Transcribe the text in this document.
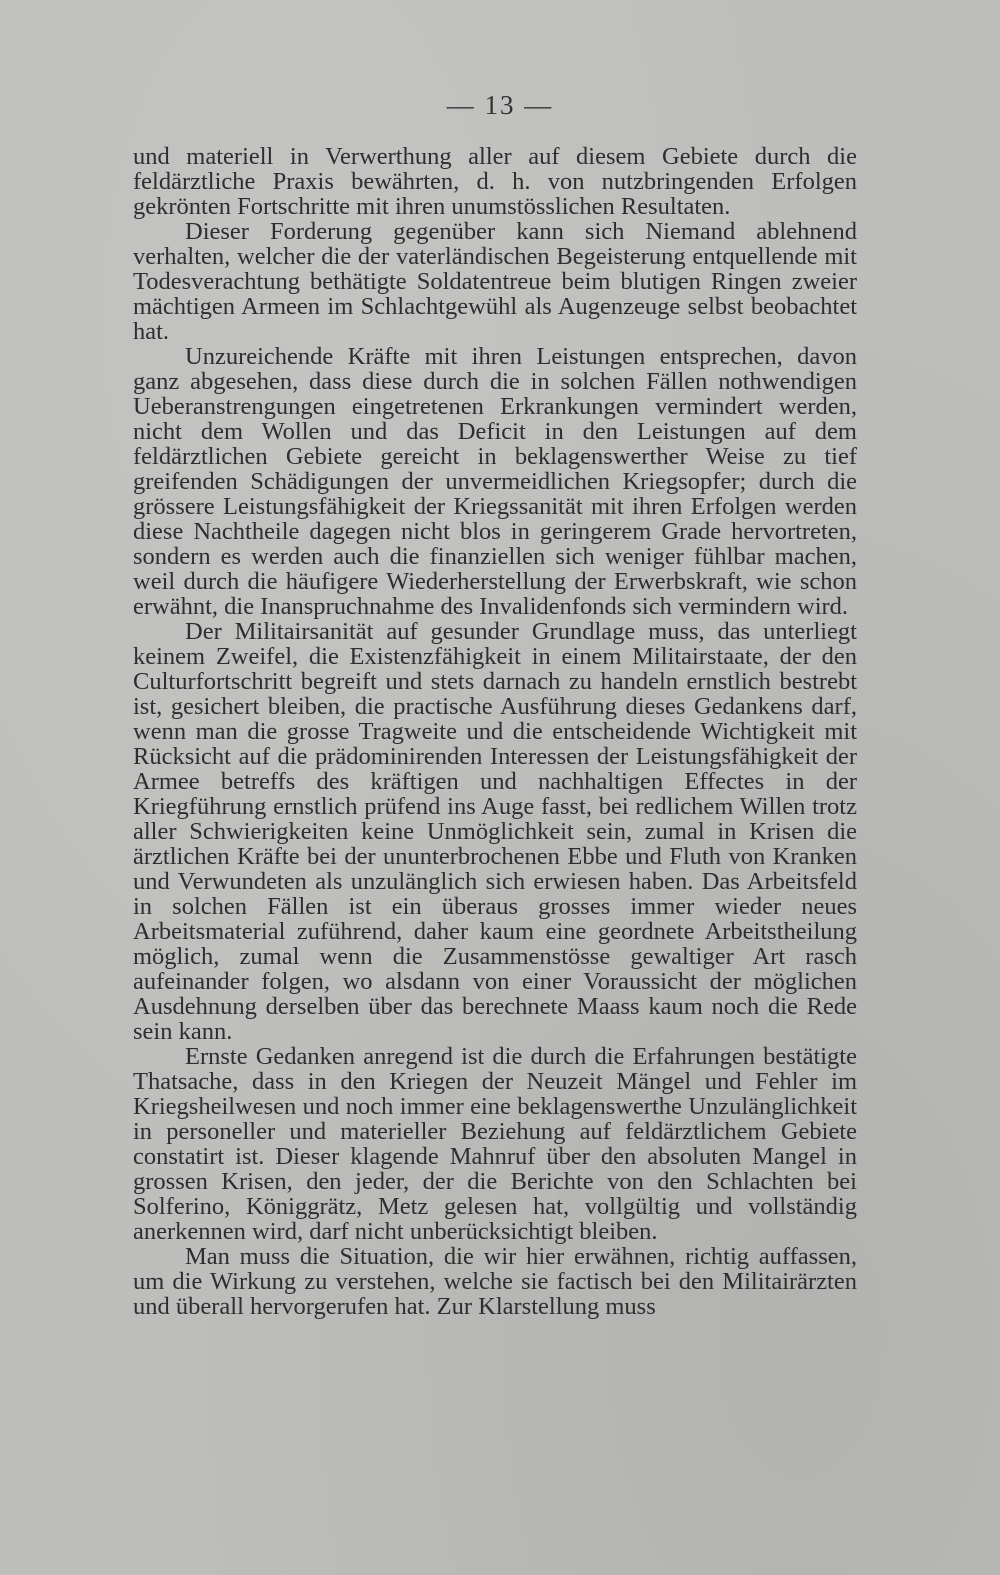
— 13 —

und materiell in Verwerthung aller auf diesem Gebiete durch die feldärztliche Praxis bewährten, d. h. von nutzbringenden Erfolgen gekrönten Fortschritte mit ihren unumstösslichen Resultaten.

Dieser Forderung gegenüber kann sich Niemand ablehnend verhalten, welcher die der vaterländischen Begeisterung entquellende mit Todesverachtung bethätigte Soldatentreue beim blutigen Ringen zweier mächtigen Armeen im Schlachtgewühl als Augenzeuge selbst beobachtet hat.

Unzureichende Kräfte mit ihren Leistungen entsprechen, davon ganz abgesehen, dass diese durch die in solchen Fällen nothwendigen Ueberanstrengungen eingetretenen Erkrankungen vermindert werden, nicht dem Wollen und das Deficit in den Leistungen auf dem feldärztlichen Gebiete gereicht in beklagenswerther Weise zu tief greifenden Schädigungen der unvermeidlichen Kriegsopfer; durch die grössere Leistungsfähigkeit der Kriegssanität mit ihren Erfolgen werden diese Nachtheile dagegen nicht blos in geringerem Grade hervortreten, sondern es werden auch die finanziellen sich weniger fühlbar machen, weil durch die häufigere Wiederherstellung der Erwerbskraft, wie schon erwähnt, die Inanspruchnahme des Invalidenfonds sich vermindern wird.

Der Militairsanität auf gesunder Grundlage muss, das unterliegt keinem Zweifel, die Existenzfähigkeit in einem Militairstaate, der den Culturfortschritt begreift und stets darnach zu handeln ernstlich bestrebt ist, gesichert bleiben, die practische Ausführung dieses Gedankens darf, wenn man die grosse Tragweite und die entscheidende Wichtigkeit mit Rücksicht auf die prädominirenden Interessen der Leistungsfähigkeit der Armee betreffs des kräftigen und nachhaltigen Effectes in der Kriegführung ernstlich prüfend ins Auge fasst, bei redlichem Willen trotz aller Schwierigkeiten keine Unmöglichkeit sein, zumal in Krisen die ärztlichen Kräfte bei der ununterbrochenen Ebbe und Fluth von Kranken und Verwundeten als unzulänglich sich erwiesen haben. Das Arbeitsfeld in solchen Fällen ist ein überaus grosses immer wieder neues Arbeitsmaterial zuführend, daher kaum eine geordnete Arbeitstheilung möglich, zumal wenn die Zusammenstösse gewaltiger Art rasch aufeinander folgen, wo alsdann von einer Voraussicht der möglichen Ausdehnung derselben über das berechnete Maass kaum noch die Rede sein kann.

Ernste Gedanken anregend ist die durch die Erfahrungen bestätigte Thatsache, dass in den Kriegen der Neuzeit Mängel und Fehler im Kriegsheilwesen und noch immer eine beklagenswerthe Unzulänglichkeit in personeller und materieller Beziehung auf feldärztlichem Gebiete constatirt ist. Dieser klagende Mahnruf über den absoluten Mangel in grossen Krisen, den jeder, der die Berichte von den Schlachten bei Solferino, Königgrätz, Metz gelesen hat, vollgültig und vollständig anerkennen wird, darf nicht unberücksichtigt bleiben.

Man muss die Situation, die wir hier erwähnen, richtig auffassen, um die Wirkung zu verstehen, welche sie factisch bei den Militairärzten und überall hervorgerufen hat. Zur Klarstellung muss
